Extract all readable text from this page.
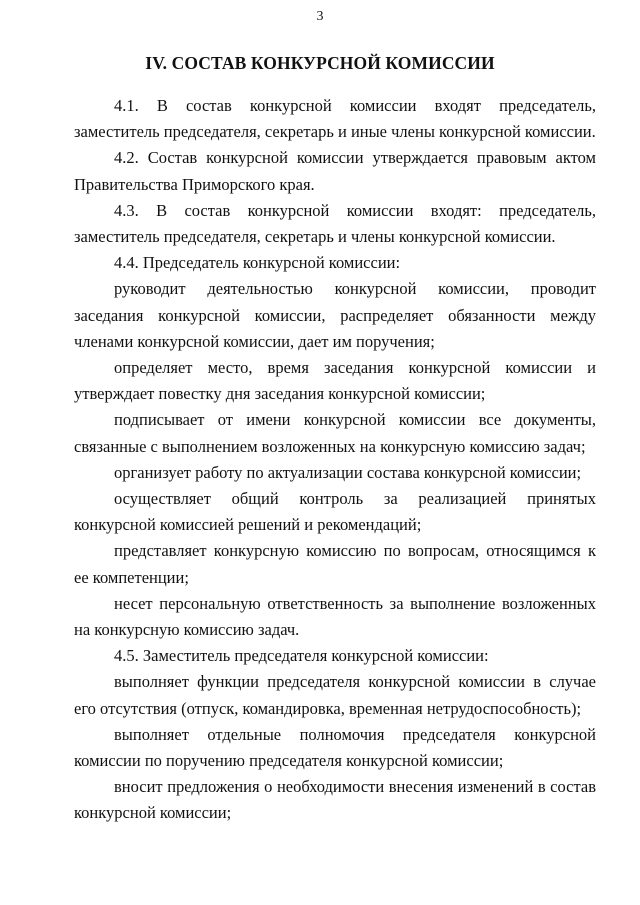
3
IV. СОСТАВ КОНКУРСНОЙ КОМИССИИ

4.1. В состав конкурсной комиссии входят председатель, заместитель председателя, секретарь и иные члены конкурсной комиссии.

4.2. Состав конкурсной комиссии утверждается правовым актом Правительства Приморского края.

4.3. В состав конкурсной комиссии входят: председатель, заместитель председателя, секретарь и члены конкурсной комиссии.

4.4. Председатель конкурсной комиссии:

руководит деятельностью конкурсной комиссии, проводит заседания конкурсной комиссии, распределяет обязанности между членами конкурсной комиссии, дает им поручения;

определяет место, время заседания конкурсной комиссии и утверждает повестку дня заседания конкурсной комиссии;

подписывает от имени конкурсной комиссии все документы, связанные с выполнением возложенных на конкурсную комиссию задач;

организует работу по актуализации состава конкурсной комиссии;

осуществляет общий контроль за реализацией принятых конкурсной комиссией решений и рекомендаций;

представляет конкурсную комиссию по вопросам, относящимся к ее компетенции;

несет персональную ответственность за выполнение возложенных на конкурсную комиссию задач.

4.5. Заместитель председателя конкурсной комиссии:

выполняет функции председателя конкурсной комиссии в случае его отсутствия (отпуск, командировка, временная нетрудоспособность);

выполняет отдельные полномочия председателя конкурсной комиссии по поручению председателя конкурсной комиссии;

вносит предложения о необходимости внесения изменений в состав конкурсной комиссии;
